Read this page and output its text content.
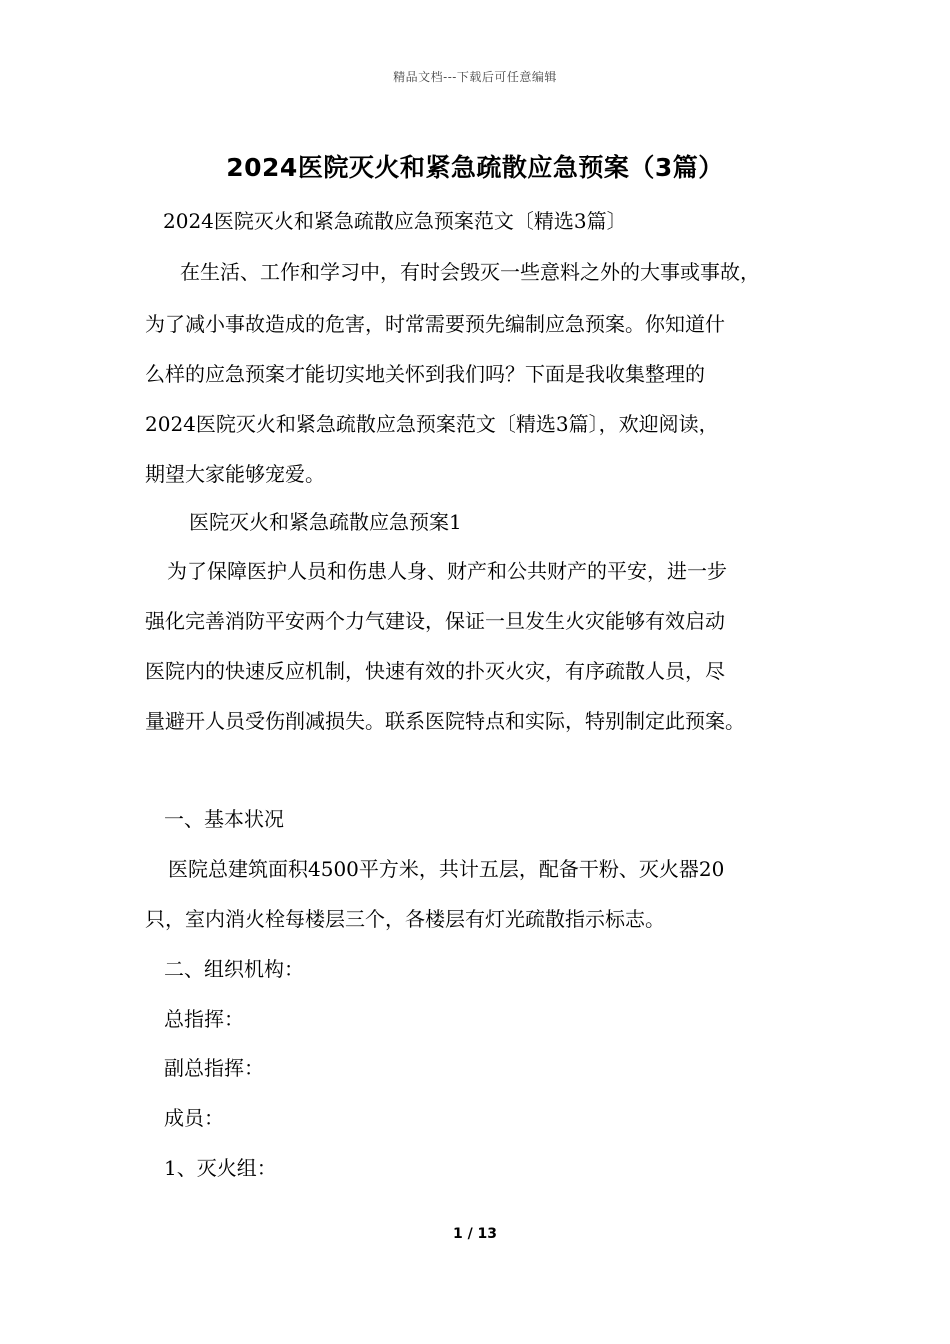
精品文档---下载后可任意编辑
2024医院灭火和紧急疏散应急预案（3篇）
2024医院灭火和紧急疏散应急预案范文〔精选3篇〕
在生活、工作和学习中，有时会毁灭一些意料之外的大事或事故，
为了减小事故造成的危害，时常需要预先编制应急预案。你知道什
么样的应急预案才能切实地关怀到我们吗？下面是我收集整理的
2024医院灭火和紧急疏散应急预案范文〔精选3篇〕，欢迎阅读，
期望大家能够宠爱。
医院灭火和紧急疏散应急预案1
为了保障医护人员和伤患人身、财产和公共财产的平安，进一步
强化完善消防平安两个力气建设，保证一旦发生火灾能够有效启动
医院内的快速反应机制，快速有效的扑灭火灾，有序疏散人员，尽
量避开人员受伤削减损失。联系医院特点和实际，特别制定此预案。
一、基本状况
医院总建筑面积4500平方米，共计五层，配备干粉、灭火器20
只，室内消火栓每楼层三个，各楼层有灯光疏散指示标志。
二、组织机构：
总指挥：
副总指挥：
成员：
1、灭火组：
1 / 13
